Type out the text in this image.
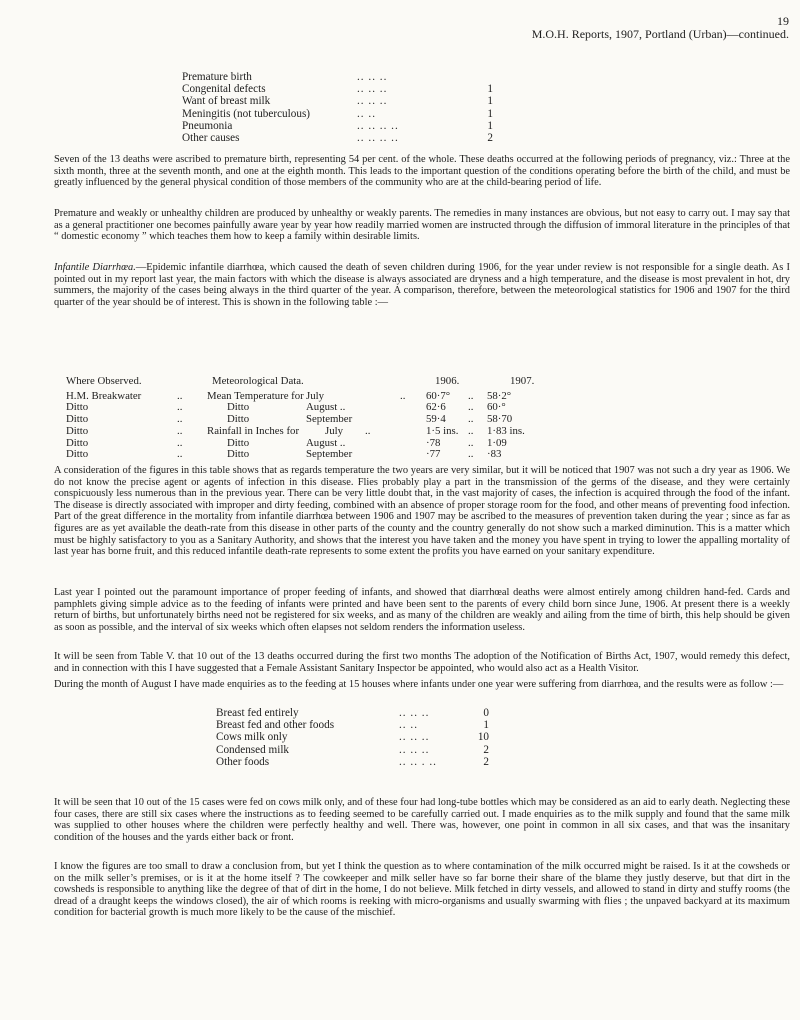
19
M.O.H. Reports, 1907, Portland (Urban)—continued.
Premature birth	.. .. ..
Congenital defects	.. .. ..	1
Want of breast milk	.. .. ..	1
Meningitis (not tuberculous)	.. ..	1
Pneumonia	.. .. .. ..	1
Other causes	.. .. .. ..	2

Seven of the 13 deaths were ascribed to premature birth, representing 54 per cent. of the whole. These deaths occurred at the following periods of pregnancy, viz.: Three at the sixth month, three at the seventh month, and one at the eighth month. This leads to the important question of the conditions operating before the birth of the child, and must be greatly influenced by the general physical condition of those members of the community who are at the child-bearing period of life.

Premature and weakly or unhealthy children are produced by unhealthy or weakly parents. The remedies in many instances are obvious, but not easy to carry out. I may say that as a general practitioner one becomes painfully aware year by year how readily married women are instructed through the diffusion of immoral literature in the principles of that “ domestic economy ” which teaches them how to keep a family within desirable limits.

Infantile Diarrhœa.—Epidemic infantile diarrhœa, which caused the death of seven children during 1906, for the year under review is not responsible for a single death. As I pointed out in my report last year, the main factors with which the disease is always associated are dryness and a high temperature, and the disease is most prevalent in hot, dry summers, the majority of the cases being always in the third quarter of the year. A comparison, therefore, between the meteorological statistics for 1906 and 1907 for the third quarter of the year should be of interest. This is shown in the following table :—

Where Observed.	Meteorological Data.	1906.	1907.
H.M. Breakwater	..	Mean Temperature for July	..	60·7°	..	58·2°
Ditto	..	Ditto	August ..	62·6	..	60·°
Ditto	..	Ditto	September	59·4	..	58·70
Ditto	..	Rainfall in Inches for	July	..	1·5 ins. ..	1·83 ins.
Ditto	..	Ditto	August ..	·78	..	1·09
Ditto	..	Ditto	September	·77	..	·83

A consideration of the figures in this table shows that as regards temperature the two years are very similar, but it will be noticed that 1907 was not such a dry year as 1906. We do not know the precise agent or agents of infection in this disease. Flies probably play a part in the transmission of the germs of the disease, and they were certainly conspicuously less numerous than in the previous year. There can be very little doubt that, in the vast majority of cases, the infection is acquired through the food of the infant. The disease is directly associated with improper and dirty feeding, combined with an absence of proper storage room for the food, and other means of preventing food infection. Part of the great difference in the mortality from infantile diarrhœa between 1906 and 1907 may be ascribed to the measures of prevention taken during the year ; since as far as figures are as yet available the death-rate from this disease in other parts of the county and the country generally do not show such a marked diminution. This is a matter which must be highly satisfactory to you as a Sanitary Authority, and shows that the interest you have taken and the money you have spent in trying to lower the appalling mortality of last year has borne fruit, and this reduced infantile death-rate represents to some extent the profits you have earned on your sanitary expenditure.

Last year I pointed out the paramount importance of proper feeding of infants, and showed that diarrhœal deaths were almost entirely among children hand-fed. Cards and pamphlets giving simple advice as to the feeding of infants were printed and have been sent to the parents of every child born since June, 1906. At present there is a weekly return of births, but unfortunately births need not be registered for six weeks, and as many of the children are weakly and ailing from the time of birth, this help should be given as soon as possible, and the interval of six weeks which often elapses not seldom renders the information useless.

It will be seen from Table V. that 10 out of the 13 deaths occurred during the first two months The adoption of the Notification of Births Act, 1907, would remedy this defect, and in connection with this I have suggested that a Female Assistant Sanitary Inspector be appointed, who would also act as a Health Visitor.

During the month of August I have made enquiries as to the feeding at 15 houses where infants under one year were suffering from diarrhœa, and the results were as follow :—

Breast fed entirely	.. .. ..	0
Breast fed and other foods	.. ..	1
Cows milk only	.. .. ..	10
Condensed milk	.. .. ..	2
Other foods	.. .. . ..	2

It will be seen that 10 out of the 15 cases were fed on cows milk only, and of these four had long-tube bottles which may be considered as an aid to early death. Neglecting these four cases, there are still six cases where the instructions as to feeding seemed to be carefully carried out. I made enquiries as to the milk supply and found that the same milk was supplied to other houses where the children were perfectly healthy and well. There was, however, one point in common in all six cases, and that was the insanitary condition of the houses and the yards either back or front.

I know the figures are too small to draw a conclusion from, but yet I think the question as to where contamination of the milk occurred might be raised. Is it at the cowsheds or on the milk seller’s premises, or is it at the home itself ? The cowkeeper and milk seller have so far borne their share of the blame they justly deserve, but that dirt in the cowsheds is responsible to anything like the degree of that of dirt in the home, I do not believe. Milk fetched in dirty vessels, and allowed to stand in dirty and stuffy rooms (the dread of a draught keeps the windows closed), the air of which rooms is reeking with micro-organisms and usually swarming with flies ; the unpaved backyard at its maximum condition for bacterial growth is much more likely to be the cause of the mischief.
